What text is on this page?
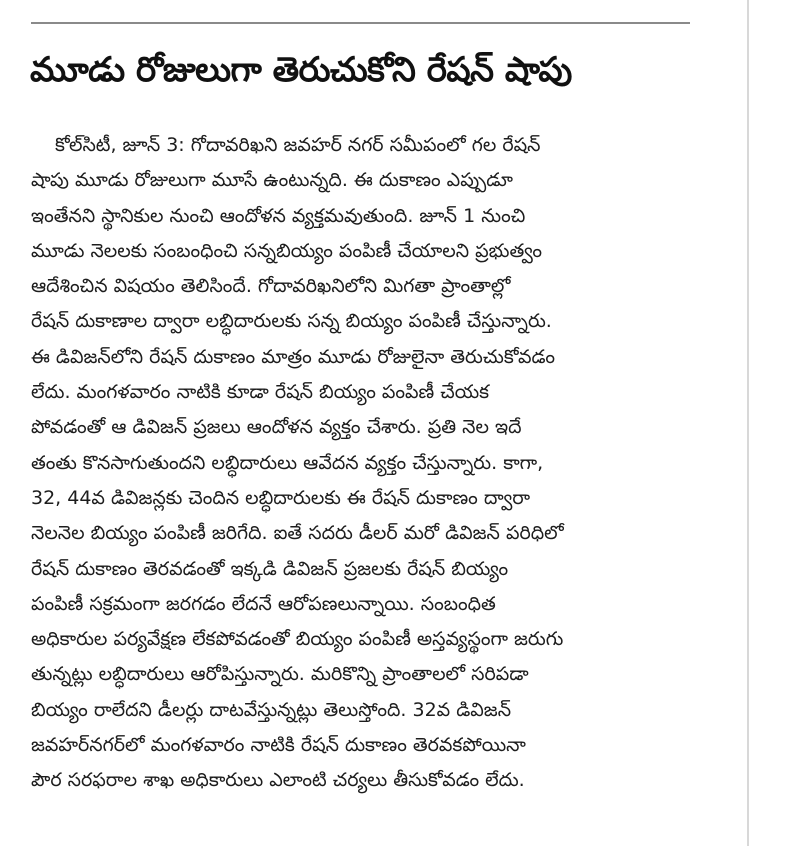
మూడు రోజులుగా తెరుచుకోని రేషన్ షాపు
కోల్‌సిటీ, జూన్ 3: గోదావరిఖని జవహర్ నగర్ సమీపంలో గల రేషన్
షాపు మూడు రోజులుగా మూసే ఉంటున్నది. ఈ దుకాణం ఎప్పుడూ
ఇంతేనని స్థానికుల నుంచి ఆందోళన వ్యక్తమవుతుంది. జూన్ 1 నుంచి
మూడు నెలలకు సంబంధించి సన్నబియ్యం పంపిణీ చేయాలని ప్రభుత్వం
ఆదేశించిన విషయం తెలిసిందే. గోదావరిఖనిలోని మిగతా ప్రాంతాల్లో
రేషన్ దుకాణాల ద్వారా లబ్ధిదారులకు సన్న బియ్యం పంపిణీ చేస్తున్నారు.
ఈ డివిజన్‌లోని రేషన్ దుకాణం మాత్రం మూడు రోజులైనా తెరుచుకోవడం
లేదు. మంగళవారం నాటికి కూడా రేషన్ బియ్యం పంపిణీ చేయక
పోవడంతో ఆ డివిజన్ ప్రజలు ఆందోళన వ్యక్తం చేశారు. ప్రతి నెల ఇదే
తంతు కొనసాగుతుందని లబ్ధిదారులు ఆవేదన వ్యక్తం చేస్తున్నారు. కాగా,
32, 44వ డివిజన్లకు చెందిన లబ్ధిదారులకు ఈ రేషన్ దుకాణం ద్వారా
నెలనెల బియ్యం పంపిణీ జరిగేది. ఐతే సదరు డీలర్ మరో డివిజన్ పరిధిలో
రేషన్ దుకాణం తెరవడంతో ఇక్కడి డివిజన్ ప్రజలకు రేషన్ బియ్యం
పంపిణీ సక్రమంగా జరగడం లేదనే ఆరోపణలున్నాయి. సంబంధిత
అధికారుల పర్యవేక్షణ లేకపోవడంతో బియ్యం పంపిణీ అస్తవ్యస్థంగా జరుగు
తున్నట్లు లబ్ధిదారులు ఆరోపిస్తున్నారు. మరికొన్ని ప్రాంతాలలో సరిపడా
బియ్యం రాలేదని డీలర్లు దాటవేస్తున్నట్లు తెలుస్తోంది. 32వ డివిజన్
జవహర్‌నగర్‌లో మంగళవారం నాటికి రేషన్ దుకాణం తెరవకపోయినా
పౌర సరఫరాల శాఖ అధికారులు ఎలాంటి చర్యలు తీసుకోవడం లేదు.
